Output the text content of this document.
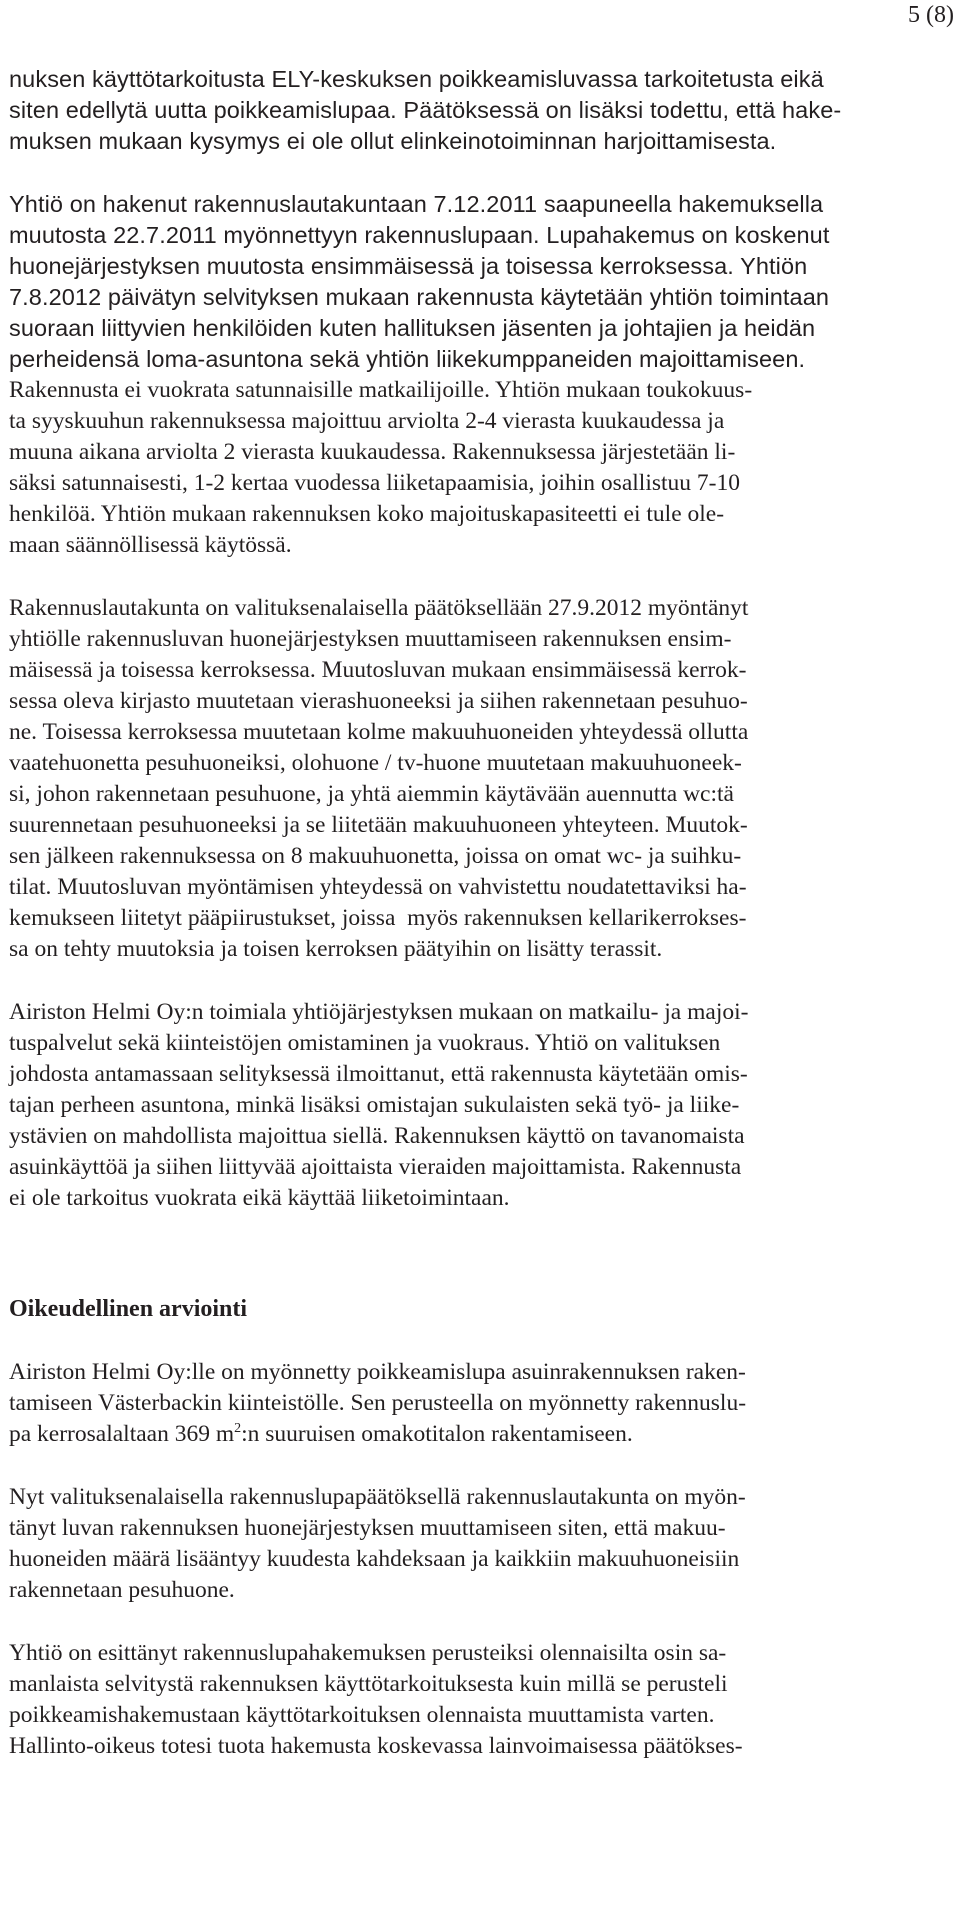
5 (8)
nuksen käyttötarkoitusta ELY-keskuksen poikkeamisluvassa tarkoitetusta eikä
siten edellytä uutta poikkeamislupaa. Päätöksessä on lisäksi todettu, että hake-
muksen mukaan kysymys ei ole ollut elinkeinotoiminnan harjoittamisesta.
Yhtiö on hakenut rakennuslautakuntaan 7.12.2011 saapuneella hakemuksella
muutosta 22.7.2011 myönnettyyn rakennuslupaan. Lupahakemus on koskenut
huonejärjestyksen muutosta ensimmäisessä ja toisessa kerroksessa. Yhtiön
7.8.2012 päivätyn selvityksen mukaan rakennusta käytetään yhtiön toimintaan
suoraan liittyvien henkilöiden kuten hallituksen jäsenten ja johtajien ja heidän
perheidensä loma-asuntona sekä yhtiön liikekumppaneiden majoittamiseen.
Rakennusta ei vuokrata satunnaisille matkailijoille. Yhtiön mukaan toukokuus-
ta syyskuuhun rakennuksessa majoittuu arviolta 2-4 vierasta kuukaudessa ja
muuna aikana arviolta 2 vierasta kuukaudessa. Rakennuksessa järjestetään li-
säksi satunnaisesti, 1-2 kertaa vuodessa liiketapaamisia, joihin osallistuu 7-10
henkilöä. Yhtiön mukaan rakennuksen koko majoituskapasiteetti ei tule ole-
maan säännöllisessä käytössä.
Rakennuslautakunta on valituksenalaisella päätöksellään 27.9.2012 myöntänyt
yhtiölle rakennusluvan huonejärjestyksen muuttamiseen rakennuksen ensim-
mäisessä ja toisessa kerroksessa. Muutosluvan mukaan ensimmäisessä kerrok-
sessa oleva kirjasto muutetaan vierashuoneeksi ja siihen rakennetaan pesuhuo-
ne. Toisessa kerroksessa muutetaan kolme makuuhuoneiden yhteydessä ollutta
vaatehuonetta pesuhuoneiksi, olohuone / tv-huone muutetaan makuuhuoneek-
si, johon rakennetaan pesuhuone, ja yhtä aiemmin käytävään auennutta wc:tä
suurennetaan pesuhuoneeksi ja se liitetään makuuhuoneen yhteyteen. Muutok-
sen jälkeen rakennuksessa on 8 makuuhuonetta, joissa on omat wc- ja suihku-
tilat. Muutosluvan myöntämisen yhteydessä on vahvistettu noudatettaviksi ha-
kemukseen liitetyt pääpiirustukset, joissa  myös rakennuksen kellarikerrokses-
sa on tehty muutoksia ja toisen kerroksen päätyihin on lisätty terassit.
Airiston Helmi Oy:n toimiala yhtiöjärjestyksen mukaan on matkailu- ja majoi-
tuspalvelut sekä kiinteistöjen omistaminen ja vuokraus. Yhtiö on valituksen
johdosta antamassaan selityksessä ilmoittanut, että rakennusta käytetään omis-
tajan perheen asuntona, minkä lisäksi omistajan sukulaisten sekä työ- ja liike-
ystävien on mahdollista majoittua siellä. Rakennuksen käyttö on tavanomaista
asuinkäyttöä ja siihen liittyvää ajoittaista vieraiden majoittamista. Rakennusta
ei ole tarkoitus vuokrata eikä käyttää liiketoimintaan.
Oikeudellinen arviointi
Airiston Helmi Oy:lle on myönnetty poikkeamislupa asuinrakennuksen raken-
tamiseen Västerbackin kiinteistölle. Sen perusteella on myönnetty rakennuslu-
pa kerrosalaltaan 369 $m^2:n$ suuruisen omakotitalon rakentamiseen.
Nyt valituksenalaisella rakennuslupapäätöksellä rakennuslautakunta on myön-
tänyt luvan rakennuksen huonejärjestyksen muuttamiseen siten, että makuu-
huoneiden määrä lisääntyy kuudesta kahdeksaan ja kaikkiin makuuhuoneisiin
rakennetaan pesuhuone.
Yhtiö on esittänyt rakennuslupahakemuksen perusteiksi olennaisilta osin sa-
manlaista selvitystä rakennuksen käyttötarkoituksesta kuin millä se perusteli
poikkeamishakemustaan käyttötarkoituksen olennaista muuttamista varten.
Hallinto-oikeus totesi tuota hakemusta koskevassa lainvoimaisessa päätökses-
